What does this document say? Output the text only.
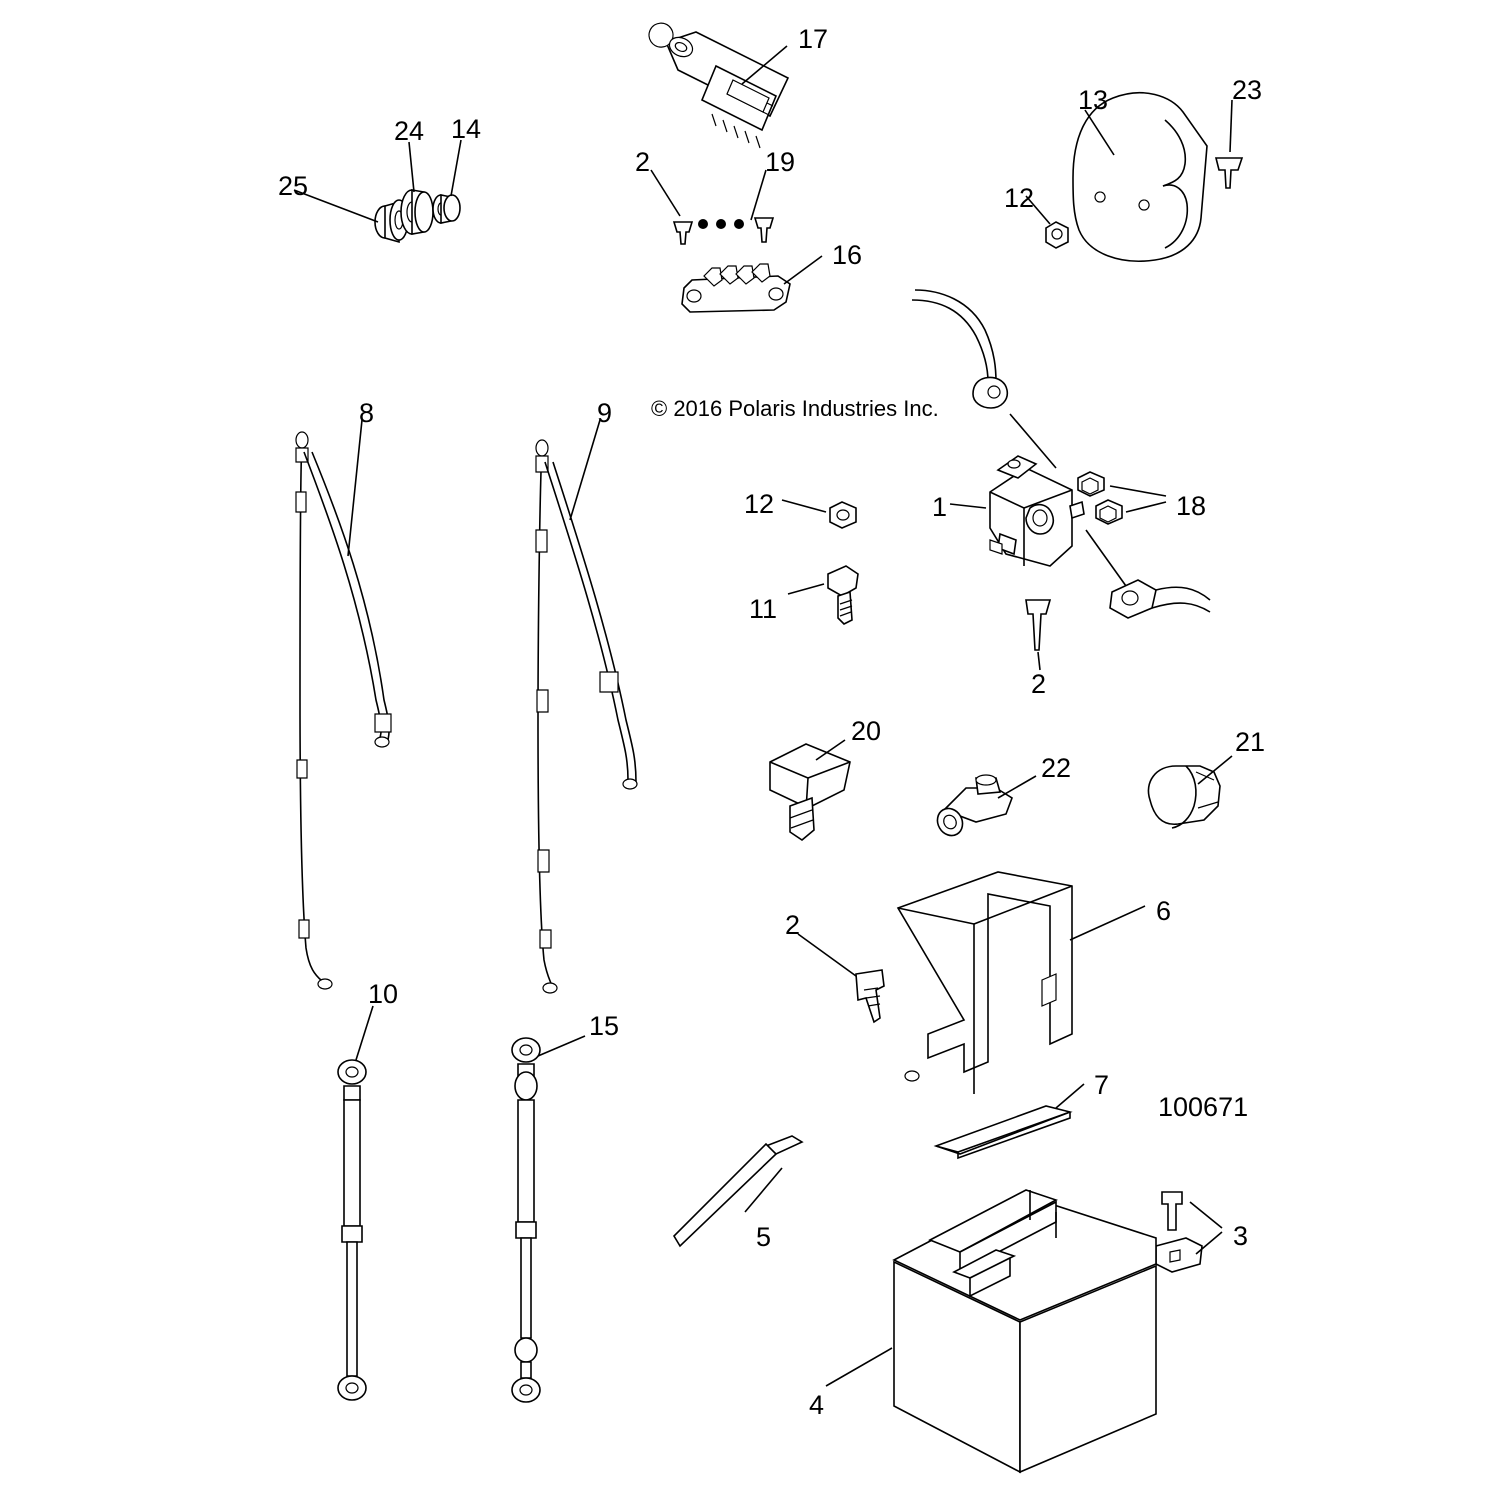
17
13	23
24 14
2	19
12
25
16
8	9
12	1	18
11
2
20	21
22
2	6
10
15
7
5	3
4
100671
© 2016 Polaris Industries Inc.
